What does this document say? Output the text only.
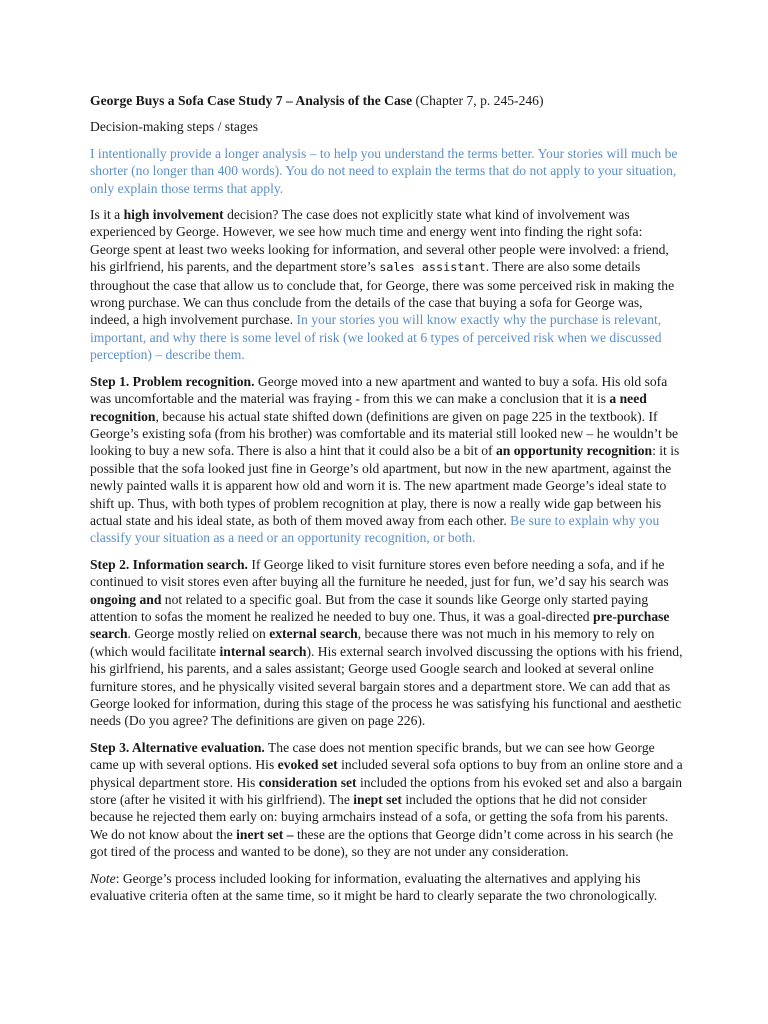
George Buys a Sofa Case Study 7 – Analysis of the Case (Chapter 7, p. 245-246)

Decision-making steps / stages

I intentionally provide a longer analysis – to help you understand the terms better. Your stories will much be shorter (no longer than 400 words). You do not need to explain the terms that do not apply to your situation, only explain those terms that apply.

Is it a high involvement decision? The case does not explicitly state what kind of involvement was experienced by George. However, we see how much time and energy went into finding the right sofa: George spent at least two weeks looking for information, and several other people were involved: a friend, his girlfriend, his parents, and the department store’s sales assistant. There are also some details throughout the case that allow us to conclude that, for George, there was some perceived risk in making the wrong purchase. We can thus conclude from the details of the case that buying a sofa for George was, indeed, a high involvement purchase. In your stories you will know exactly why the purchase is relevant, important, and why there is some level of risk (we looked at 6 types of perceived risk when we discussed perception) – describe them.

Step 1. Problem recognition. George moved into a new apartment and wanted to buy a sofa. His old sofa was uncomfortable and the material was fraying - from this we can make a conclusion that it is a need recognition, because his actual state shifted down (definitions are given on page 225 in the textbook). If George’s existing sofa (from his brother) was comfortable and its material still looked new – he wouldn’t be looking to buy a new sofa. There is also a hint that it could also be a bit of an opportunity recognition: it is possible that the sofa looked just fine in George’s old apartment, but now in the new apartment, against the newly painted walls it is apparent how old and worn it is. The new apartment made George’s ideal state to shift up. Thus, with both types of problem recognition at play, there is now a really wide gap between his actual state and his ideal state, as both of them moved away from each other. Be sure to explain why you classify your situation as a need or an opportunity recognition, or both.

Step 2. Information search. If George liked to visit furniture stores even before needing a sofa, and if he continued to visit stores even after buying all the furniture he needed, just for fun, we’d say his search was ongoing and not related to a specific goal. But from the case it sounds like George only started paying attention to sofas the moment he realized he needed to buy one. Thus, it was a goal-directed pre-purchase search. George mostly relied on external search, because there was not much in his memory to rely on (which would facilitate internal search). His external search involved discussing the options with his friend, his girlfriend, his parents, and a sales assistant; George used Google search and looked at several online furniture stores, and he physically visited several bargain stores and a department store. We can add that as George looked for information, during this stage of the process he was satisfying his functional and aesthetic needs (Do you agree? The definitions are given on page 226).

Step 3. Alternative evaluation. The case does not mention specific brands, but we can see how George came up with several options. His evoked set included several sofa options to buy from an online store and a physical department store. His consideration set included the options from his evoked set and also a bargain store (after he visited it with his girlfriend). The inept set included the options that he did not consider because he rejected them early on: buying armchairs instead of a sofa, or getting the sofa from his parents. We do not know about the inert set – these are the options that George didn’t come across in his search (he got tired of the process and wanted to be done), so they are not under any consideration.

Note: George’s process included looking for information, evaluating the alternatives and applying his evaluative criteria often at the same time, so it might be hard to clearly separate the two chronologically.
